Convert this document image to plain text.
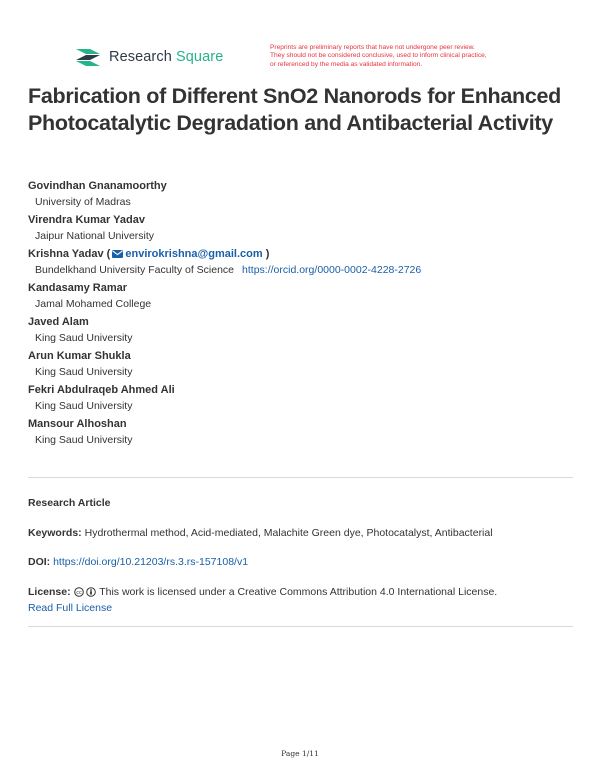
Research Square
Preprints are preliminary reports that have not undergone peer review.
They should not be considered conclusive, used to inform clinical practice,
or referenced by the media as validated information.
Fabrication of Different SnO2 Nanorods for Enhanced Photocatalytic Degradation and Antibacterial Activity
Govindhan Gnanamoorthy
University of Madras
Virendra Kumar Yadav
Jaipur National University
Krishna Yadav ( envirokrishna@gmail.com )
Bundelkhand University Faculty of Science https://orcid.org/0000-0002-4228-2726
Kandasamy Ramar
Jamal Mohamed College
Javed Alam
King Saud University
Arun Kumar Shukla
King Saud University
Fekri Abdulraqeb Ahmed Ali
King Saud University
Mansour Alhoshan
King Saud University
Research Article
Keywords: Hydrothermal method, Acid-mediated, Malachite Green dye, Photocatalyst, Antibacterial
DOI: https://doi.org/10.21203/rs.3.rs-157108/v1
License: cc This work is licensed under a Creative Commons Attribution 4.0 International License.
Read Full License
Page 1/11
